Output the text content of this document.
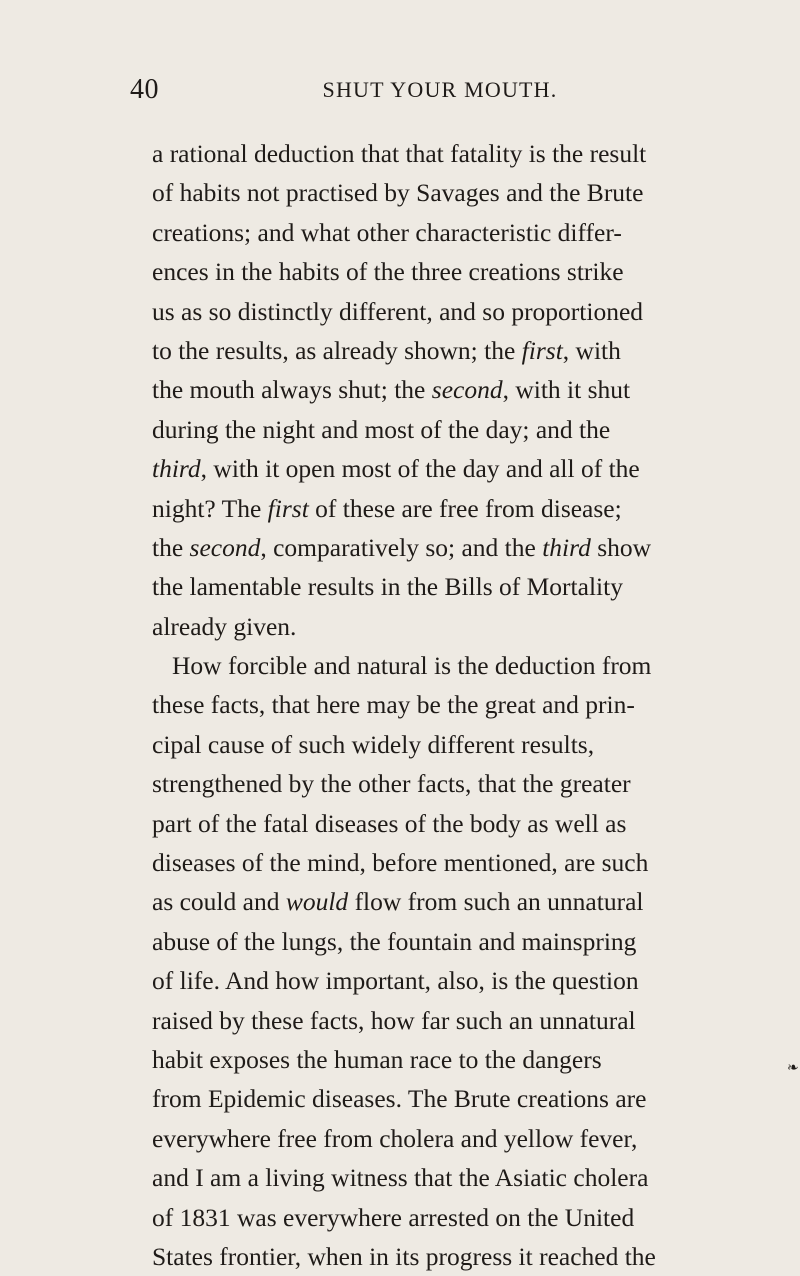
40	SHUT YOUR MOUTH.
a rational deduction that that fatality is the result
of habits not practised by Savages and the Brute
creations; and what other characteristic differ-
ences in the habits of the three creations strike
us as so distinctly different, and so proportioned
to the results, as already shown; the first, with
the mouth always shut; the second, with it shut
during the night and most of the day; and the
third, with it open most of the day and all of the
night? The first of these are free from disease;
the second, comparatively so; and the third show
the lamentable results in the Bills of Mortality
already given.
How forcible and natural is the deduction from
these facts, that here may be the great and prin-
cipal cause of such widely different results,
strengthened by the other facts, that the greater
part of the fatal diseases of the body as well as
diseases of the mind, before mentioned, are such
as could and would flow from such an unnatural
abuse of the lungs, the fountain and mainspring
of life. And how important, also, is the question
raised by these facts, how far such an unnatural
habit exposes the human race to the dangers
from Epidemic diseases. The Brute creations are
everywhere free from cholera and yellow fever,
and I am a living witness that the Asiatic cholera
of 1831 was everywhere arrested on the United
States frontier, when in its progress it reached the
❧
